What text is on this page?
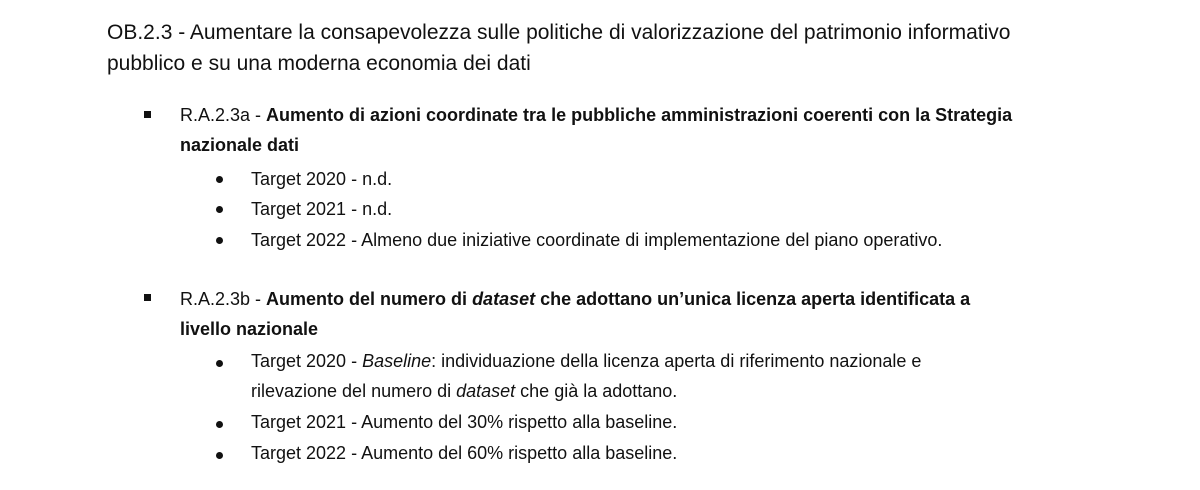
OB.2.3 - Aumentare la consapevolezza sulle politiche di valorizzazione del patrimonio informativo
pubblico e su una moderna economia dei dati
R.A.2.3a - Aumento di azioni coordinate tra le pubbliche amministrazioni coerenti con la Strategia
nazionale dati
Target 2020 - n.d.
Target 2021 - n.d.
Target 2022 - Almeno due iniziative coordinate di implementazione del piano operativo.
R.A.2.3b - Aumento del numero di dataset che adottano un’unica licenza aperta identificata a
livello nazionale
Target 2020 - Baseline: individuazione della licenza aperta di riferimento nazionale e
rilevazione del numero di dataset che già la adottano.
Target 2021 - Aumento del 30% rispetto alla baseline.
Target 2022 - Aumento del 60% rispetto alla baseline.
